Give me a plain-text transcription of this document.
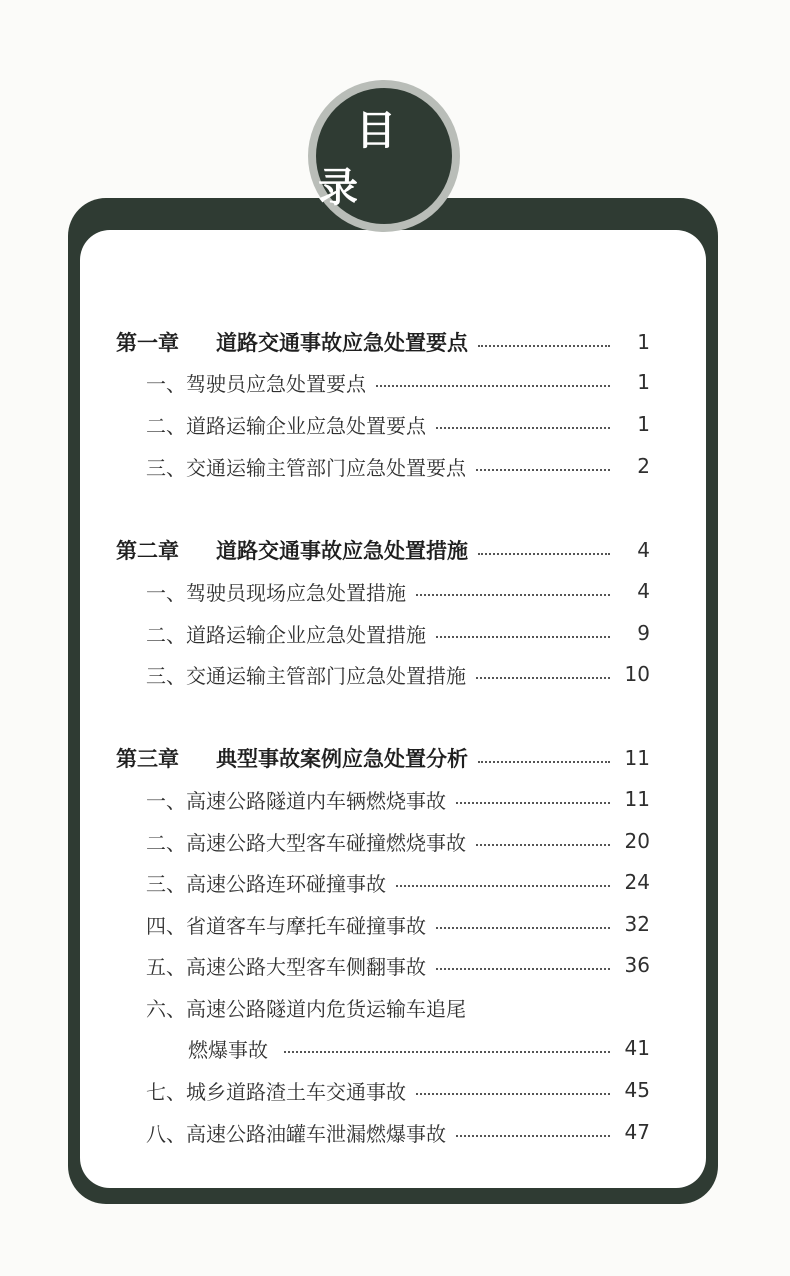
目 录
第一章 道路交通事故应急处置要点	1
一、驾驶员应急处置要点	1
二、道路运输企业应急处置要点	1
三、交通运输主管部门应急处置要点	2
第二章 道路交通事故应急处置措施	4
一、驾驶员现场应急处置措施	4
二、道路运输企业应急处置措施	9
三、交通运输主管部门应急处置措施	10
第三章 典型事故案例应急处置分析	11
一、高速公路隧道内车辆燃烧事故	11
二、高速公路大型客车碰撞燃烧事故	20
三、高速公路连环碰撞事故	24
四、省道客车与摩托车碰撞事故	32
五、高速公路大型客车侧翻事故	36
六、高速公路隧道内危货运输车追尾
燃爆事故	41
七、城乡道路渣土车交通事故	45
八、高速公路油罐车泄漏燃爆事故	47
